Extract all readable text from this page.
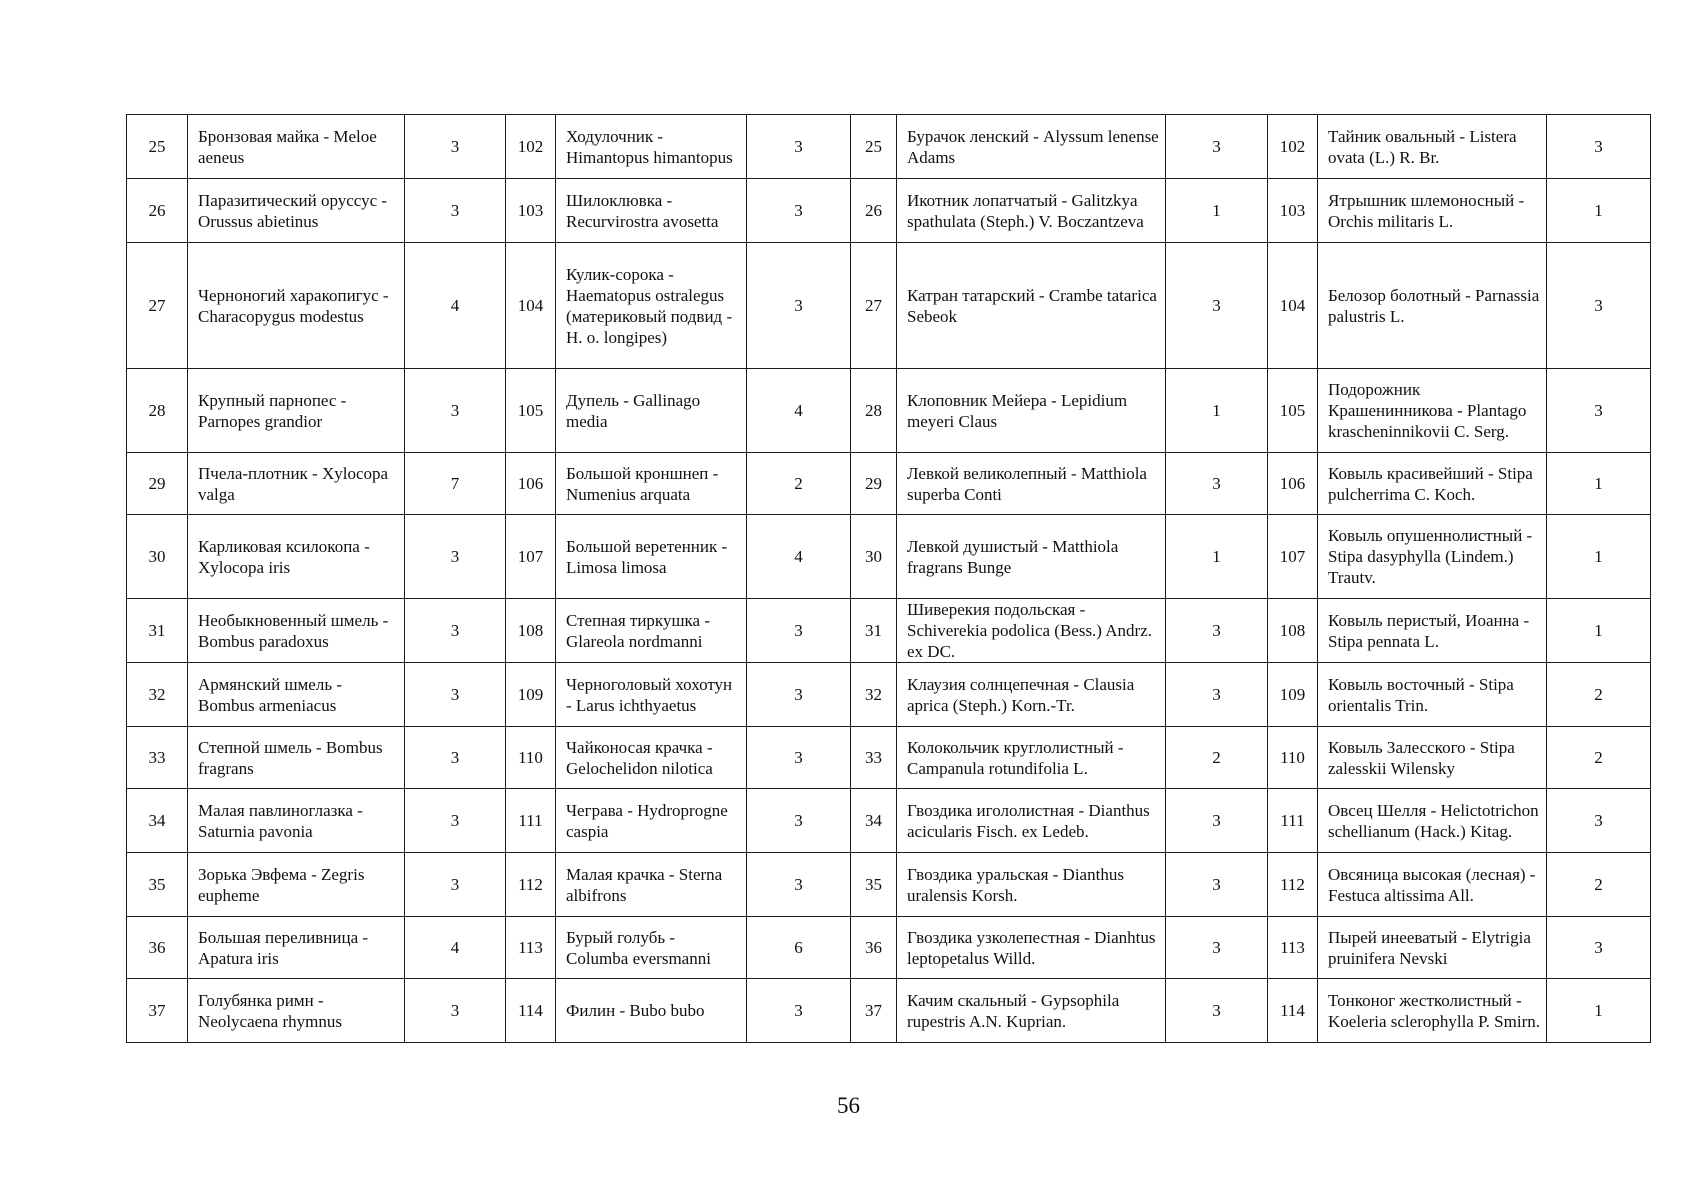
25	Бронзовая майка - Meloe aeneus	3	102	Ходулочник - Himantopus himantopus	3	25	Бурачок ленский - Alyssum lenense Adams	3	102	Тайник овальный - Listera ovata (L.) R. Br.	3
26	Паразитический оруссус - Orussus abietinus	3	103	Шилоклювка - Recurvirostra avosetta	3	26	Икотник лопатчатый - Galitzkya spathulata (Steph.) V. Boczantzeva	1	103	Ятрышник шлемоносный - Orchis militaris L.	1
27	Черноногий харакопигус - Characopygus modestus	4	104	Кулик-сорока - Haematopus ostralegus (материковый подвид - H. o. longipes)	3	27	Катран татарский - Crambe tatarica Sebeok	3	104	Белозор болотный - Parnassia palustris L.	3
28	Крупный парнопес - Parnopes grandior	3	105	Дупель - Gallinago media	4	28	Клоповник Мейера - Lepidium meyeri Claus	1	105	Подорожник Крашенинникова - Plantago krascheninnikovii C. Serg.	3
29	Пчела-плотник - Xylocopa valga	7	106	Большой кроншнеп - Numenius arquata	2	29	Левкой великолепный - Matthiola superba Conti	3	106	Ковыль красивейший - Stipa pulcherrima C. Koch.	1
30	Карликовая ксилокопа - Xylocopa iris	3	107	Большой веретенник - Limosa limosa	4	30	Левкой душистый - Matthiola fragrans Bunge	1	107	Ковыль опушеннолистный - Stipa dasyphylla (Lindem.) Trautv.	1
31	Необыкновенный шмель - Bombus paradoxus	3	108	Степная тиркушка - Glareola nordmanni	3	31	Шиверекия подольская - Schiverekia podolica (Bess.) Andrz. ex DC.	3	108	Ковыль перистый, Иоанна - Stipa pennata L.	1
32	Армянский шмель - Bombus armeniacus	3	109	Черноголовый хохотун - Larus ichthyaetus	3	32	Клаузия солнцепечная - Clausia aprica (Steph.) Korn.-Tr.	3	109	Ковыль восточный - Stipa orientalis Trin.	2
33	Степной шмель - Bombus fragrans	3	110	Чайконосая крачка - Gelochelidon nilotica	3	33	Колокольчик круглолистный - Campanula rotundifolia L.	2	110	Ковыль Залесского - Stipa zalesskii Wilensky	2
34	Малая павлиноглазка - Saturnia pavonia	3	111	Чеграва - Hydroprogne caspia	3	34	Гвоздика игололистная - Dianthus acicularis Fisch. ex Ledeb.	3	111	Овсец Шелля - Helictotrichon schellianum (Hack.) Kitag.	3
35	Зорька Эвфема - Zegris eupheme	3	112	Малая крачка - Sterna albifrons	3	35	Гвоздика уральская - Dianthus uralensis Korsh.	3	112	Овсяница высокая (лесная) - Festuca altissima All.	2
36	Большая переливница - Apatura iris	4	113	Бурый голубь - Columba eversmanni	6	36	Гвоздика узколепестная - Dianhtus leptopetalus Willd.	3	113	Пырей инееватый - Elytrigia pruinifera Nevski	3
37	Голубянка римн - Neolycaena rhymnus	3	114	Филин - Bubo bubo	3	37	Качим скальный - Gypsophila rupestris A.N. Kuprian.	3	114	Тонконог жестколистный - Koeleria sclerophylla P. Smirn.	1
56
